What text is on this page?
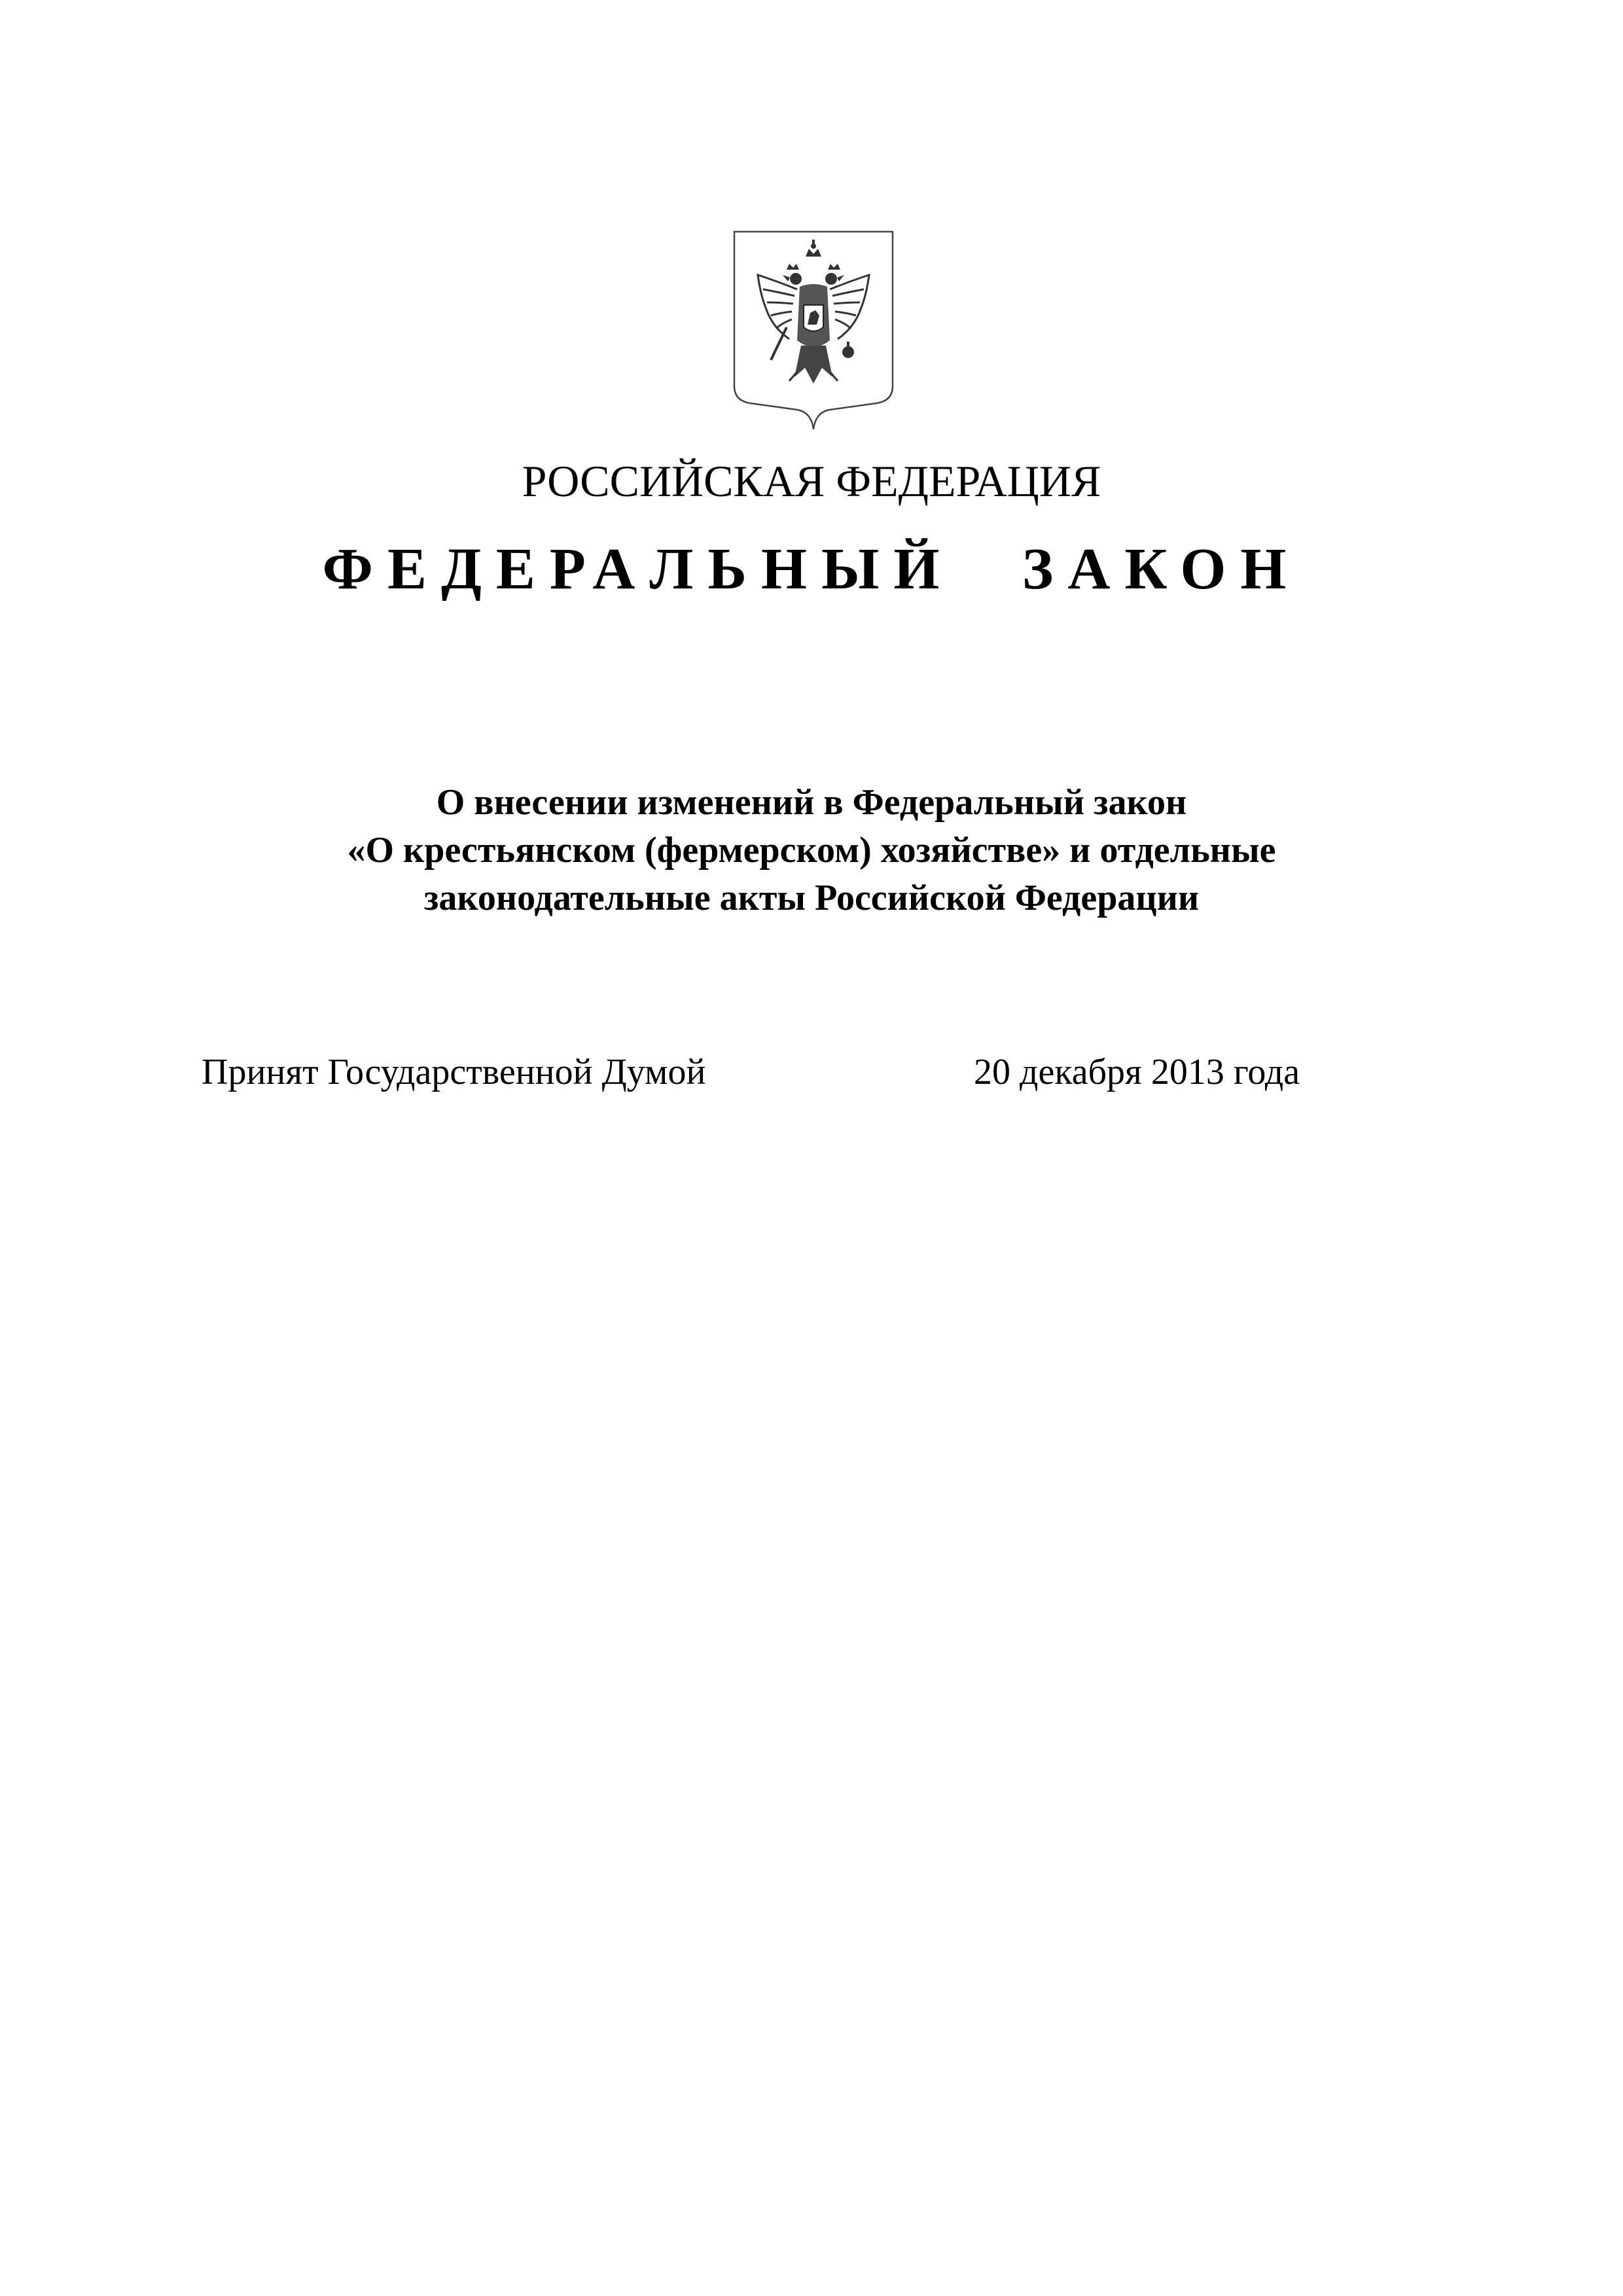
РОССИЙСКАЯ ФЕДЕРАЦИЯ
ФЕДЕРАЛЬНЫЙ ЗАКОН
О внесении изменений в Федеральный закон
«О крестьянском (фермерском) хозяйстве» и отдельные
законодательные акты Российской Федерации
Принят Государственной Думой	20 декабря 2013 года
